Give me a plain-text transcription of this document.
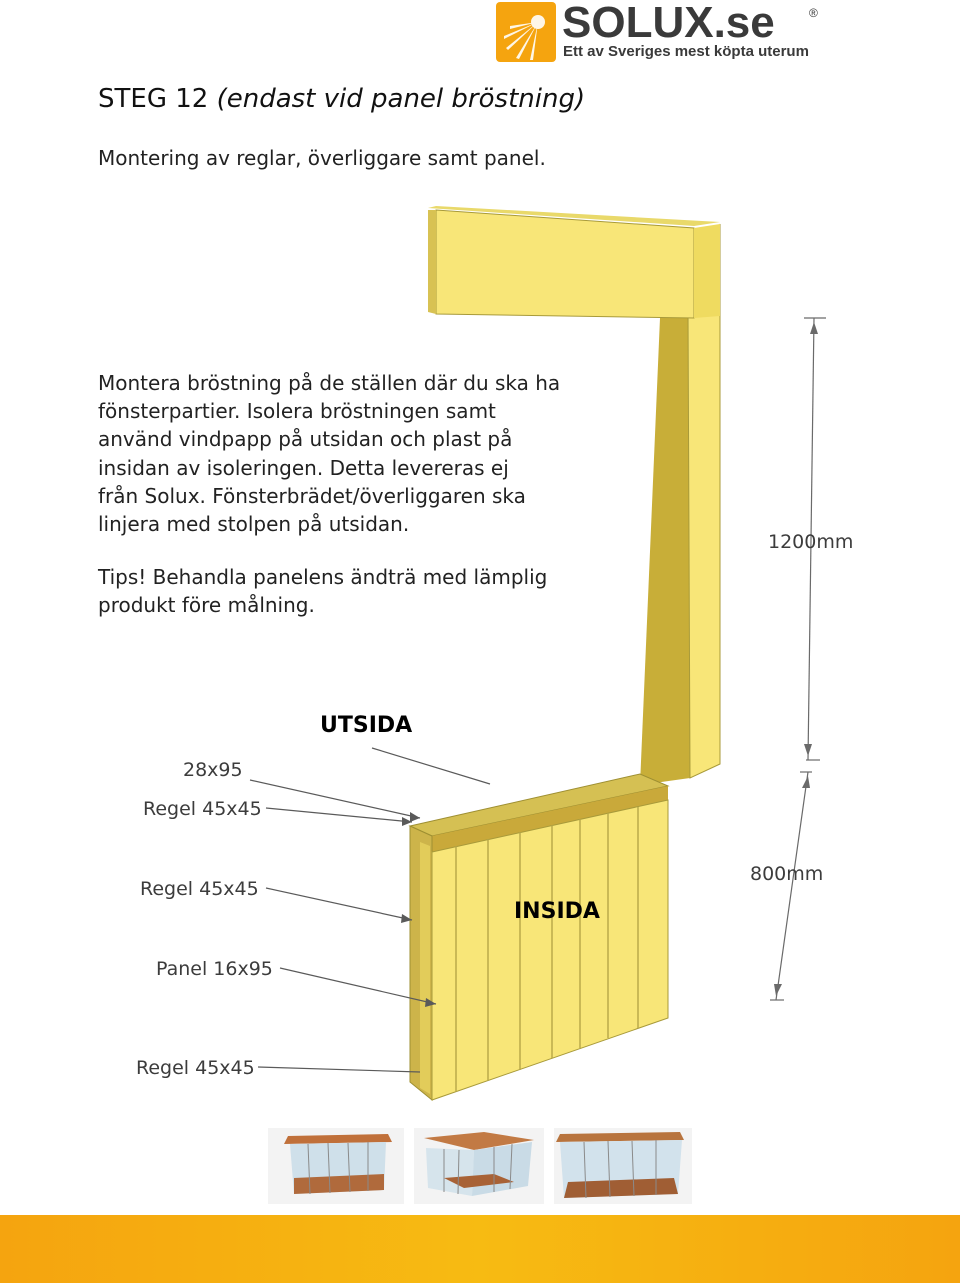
SOLUX.se	®
Ett av Sveriges mest köpta uterum
STEG 12 (endast vid panel bröstning)
Montering av reglar, överliggare samt panel.
1200mm
800mm
28x95
Regel 45x45
Regel 45x45
Panel 16x95
Regel 45x45
UTSIDA
INSIDA
Montera bröstning på de ställen där du ska ha
fönsterpartier. Isolera bröstningen samt
använd vindpapp på utsidan och plast på
insidan av isoleringen. Detta levereras ej
från Solux. Fönsterbrädet/överliggaren ska
linjera med stolpen på utsidan.
Tips! Behandla panelens ändträ med lämplig
produkt före målning.
